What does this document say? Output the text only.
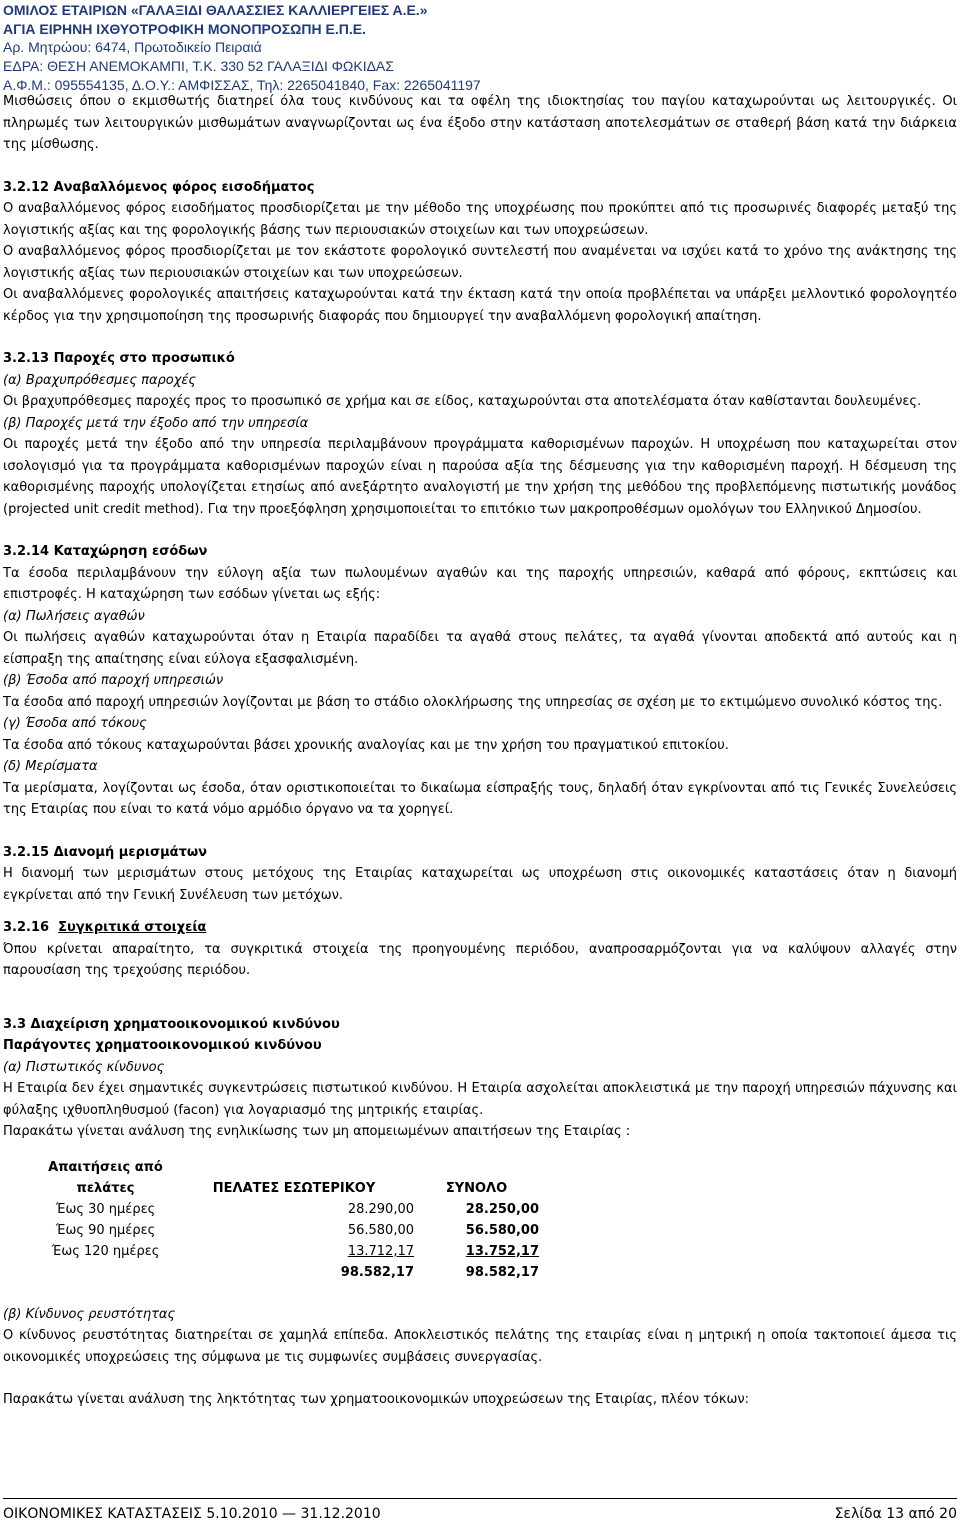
ΟΜΙΛΟΣ ΕΤΑΙΡΙΩΝ «ΓΑΛΑΞΙΔΙ ΘΑΛΑΣΣΙΕΣ ΚΑΛΛΙΕΡΓΕΙΕΣ Α.Ε.»
ΑΓΙΑ ΕΙΡΗΝΗ ΙΧΘΥΟΤΡΟΦΙΚΗ ΜΟΝΟΠΡΟΣΩΠΗ Ε.Π.Ε.
Αρ. Μητρώου: 6474, Πρωτοδικείο Πειραιά
ΕΔΡΑ: ΘΕΣΗ ΑΝΕΜΟΚΑΜΠΙ, Τ.Κ. 330 52 ΓΑΛΑΞΙΔΙ ΦΩΚΙΔΑΣ
Α.Φ.Μ.: 095554135, Δ.Ο.Υ.: ΑΜΦΙΣΣΑΣ, Τηλ: 2265041840, Fax: 2265041197

Μισθώσεις όπου ο εκμισθωτής διατηρεί όλα τους κινδύνους και τα οφέλη της ιδιοκτησίας του παγίου καταχωρούνται ως λειτουργικές. Οι πληρωμές των λειτουργικών μισθωμάτων αναγνωρίζονται ως ένα έξοδο στην κατάσταση αποτελεσμάτων σε σταθερή βάση κατά την διάρκεια της μίσθωσης.

3.2.12 Αναβαλλόμενος φόρος εισοδήματος

Ο αναβαλλόμενος φόρος εισοδήματος προσδιορίζεται με την μέθοδο της υποχρέωσης που προκύπτει από τις προσωρινές διαφορές μεταξύ της λογιστικής αξίας και της φορολογικής βάσης των περιουσιακών στοιχείων και των υποχρεώσεων.

Ο αναβαλλόμενος φόρος προσδιορίζεται με τον εκάστοτε φορολογικό συντελεστή που αναμένεται να ισχύει κατά το χρόνο της ανάκτησης της λογιστικής αξίας των περιουσιακών στοιχείων και των υποχρεώσεων.

Οι αναβαλλόμενες φορολογικές απαιτήσεις καταχωρούνται κατά την έκταση κατά την οποία προβλέπεται να υπάρξει μελλοντικό φορολογητέο κέρδος για την χρησιμοποίηση της προσωρινής διαφοράς που δημιουργεί την αναβαλλόμενη φορολογική απαίτηση.

3.2.13 Παροχές στο προσωπικό

(α) Βραχυπρόθεσμες παροχές

Οι βραχυπρόθεσμες παροχές προς το προσωπικό σε χρήμα και σε είδος, καταχωρούνται στα αποτελέσματα όταν καθίστανται δουλευμένες.

(β) Παροχές μετά την έξοδο από την υπηρεσία

Οι παροχές μετά την έξοδο από την υπηρεσία περιλαμβάνουν προγράμματα καθορισμένων παροχών. Η υποχρέωση που καταχωρείται στον ισολογισμό για τα προγράμματα καθορισμένων παροχών είναι η παρούσα αξία της δέσμευσης για την καθορισμένη παροχή. Η δέσμευση της καθορισμένης παροχής υπολογίζεται ετησίως από ανεξάρτητο αναλογιστή με την χρήση της μεθόδου της προβλεπόμενης πιστωτικής μονάδος (projected unit credit method). Για την προεξόφληση χρησιμοποιείται το επιτόκιο των μακροπροθέσμων ομολόγων του Ελληνικού Δημοσίου.

3.2.14 Καταχώρηση εσόδων

Τα έσοδα περιλαμβάνουν την εύλογη αξία των πωλουμένων αγαθών και της παροχής υπηρεσιών, καθαρά από φόρους, εκπτώσεις και επιστροφές. Η καταχώρηση των εσόδων γίνεται ως εξής:

(α) Πωλήσεις αγαθών

Οι πωλήσεις αγαθών καταχωρούνται όταν η Εταιρία παραδίδει τα αγαθά στους πελάτες, τα αγαθά γίνονται αποδεκτά από αυτούς και η είσπραξη της απαίτησης είναι εύλογα εξασφαλισμένη.

(β) Έσοδα από παροχή υπηρεσιών

Τα έσοδα από παροχή υπηρεσιών λογίζονται με βάση το στάδιο ολοκλήρωσης της υπηρεσίας σε σχέση με το εκτιμώμενο συνολικό κόστος της.

(γ) Έσοδα από τόκους

Τα έσοδα από τόκους καταχωρούνται βάσει χρονικής αναλογίας και με την χρήση του πραγματικού επιτοκίου.

(δ) Μερίσματα

Τα μερίσματα, λογίζονται ως έσοδα, όταν οριστικοποιείται το δικαίωμα είσπραξής τους, δηλαδή όταν εγκρίνονται από τις Γενικές Συνελεύσεις της Εταιρίας που είναι το κατά νόμο αρμόδιο όργανο να τα χορηγεί.

3.2.15 Διανομή μερισμάτων

Η διανομή των μερισμάτων στους μετόχους της Εταιρίας καταχωρείται ως υποχρέωση στις οικονομικές καταστάσεις όταν η διανομή εγκρίνεται από την Γενική Συνέλευση των μετόχων.

3.2.16 Συγκριτικά στοιχεία

Όπου κρίνεται απαραίτητο, τα συγκριτικά στοιχεία της προηγουμένης περιόδου, αναπροσαρμόζονται για να καλύψουν αλλαγές στην παρουσίαση της τρεχούσης περιόδου.

3.3 Διαχείριση χρηματοοικονομικού κινδύνου
Παράγοντες χρηματοοικονομικού κινδύνου

(α) Πιστωτικός κίνδυνος

Η Εταιρία δεν έχει σημαντικές συγκεντρώσεις πιστωτικού κινδύνου. Η Εταιρία ασχολείται αποκλειστικά με την παροχή υπηρεσιών πάχυνσης και φύλαξης ιχθυοπληθυσμού (facon) για λογαριασμό της μητρικής εταιρίας.

Παρακάτω γίνεται ανάλυση της ενηλικίωσης των μη απομειωμένων απαιτήσεων της Εταιρίας :

Απαιτήσεις από		
πελάτες	ΠΕΛΑΤΕΣ ΕΣΩΤΕΡΙΚΟΥ	ΣΥΝΟΛΟ
Έως 30 ημέρες	28.290,00	28.250,00
Έως 90 ημέρες	56.580,00	56.580,00
Έως 120 ημέρες	13.712,17	13.752,17
	98.582,17	98.582,17

(β) Κίνδυνος ρευστότητας

Ο κίνδυνος ρευστότητας διατηρείται σε χαμηλά επίπεδα. Αποκλειστικός πελάτης της εταιρίας είναι η μητρική η οποία τακτοποιεί άμεσα τις οικονομικές υποχρεώσεις της σύμφωνα με τις συμφωνίες συμβάσεις συνεργασίας.

Παρακάτω γίνεται ανάλυση της ληκτότητας των χρηματοοικονομικών υποχρεώσεων της Εταιρίας, πλέον τόκων:

ΟΙΚΟΝΟΜΙΚΕΣ ΚΑΤΑΣΤΑΣΕΙΣ 5.10.2010 — 31.12.2010	Σελίδα 13 από 20
